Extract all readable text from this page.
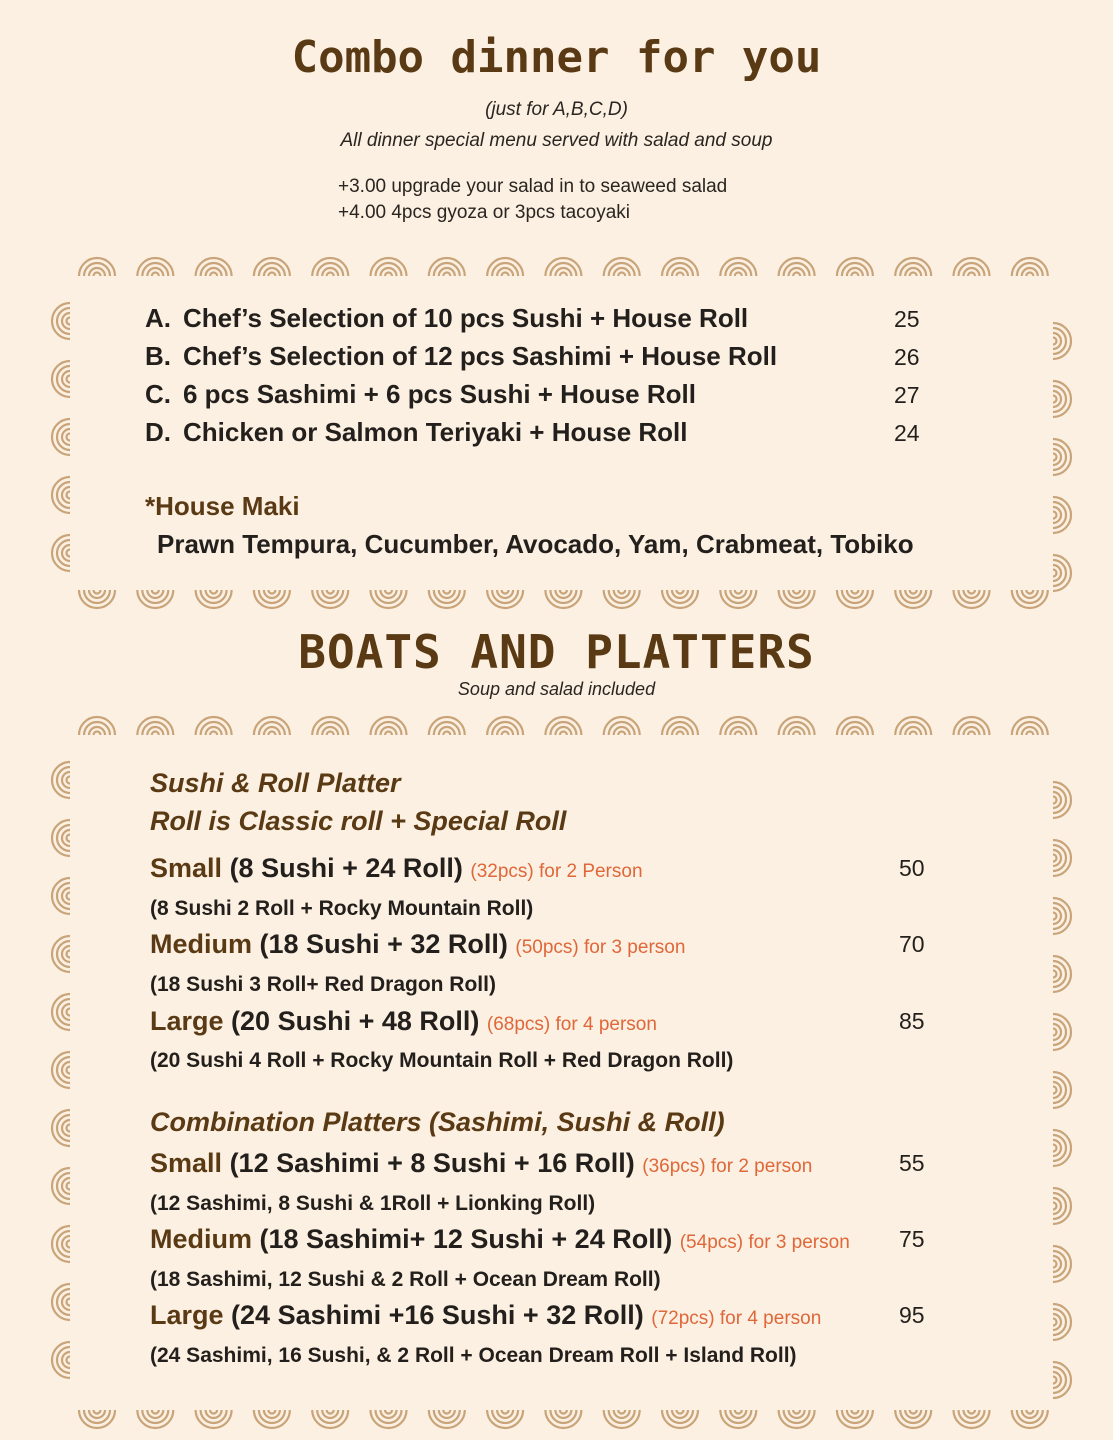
Combo dinner for you
(just for A,B,C,D)
All dinner special menu served with salad and soup
+3.00 upgrade your salad in to seaweed salad
+4.00 4pcs gyoza or 3pcs tacoyaki
A. Chef’s Selection of 10 pcs Sushi + House Roll	25
B. Chef’s Selection of 12 pcs Sashimi + House Roll	26
C. 6 pcs Sashimi + 6 pcs Sushi + House Roll	27
D. Chicken or Salmon Teriyaki + House Roll	24
*House Maki
Prawn Tempura, Cucumber, Avocado, Yam, Crabmeat, Tobiko
BOATS AND PLATTERS
Soup and salad included
Sushi & Roll Platter
Roll is Classic roll + Special Roll
Small (8 Sushi + 24 Roll) (32pcs) for 2 Person	50
(8 Sushi 2 Roll + Rocky Mountain Roll)
Medium (18 Sushi + 32 Roll) (50pcs) for 3 person	70
(18 Sushi 3 Roll+ Red Dragon Roll)
Large (20 Sushi + 48 Roll) (68pcs) for 4 person	85
(20 Sushi 4 Roll + Rocky Mountain Roll + Red Dragon Roll)
Combination Platters (Sashimi, Sushi & Roll)
Small (12 Sashimi + 8 Sushi + 16 Roll) (36pcs) for 2 person	55
(12 Sashimi, 8 Sushi & 1Roll + Lionking Roll)
Medium (18 Sashimi+ 12 Sushi + 24 Roll) (54pcs) for 3 person 75
(18 Sashimi, 12 Sushi & 2 Roll + Ocean Dream Roll)
Large (24 Sashimi +16 Sushi + 32 Roll) (72pcs) for 4 person	95
(24 Sashimi, 16 Sushi, & 2 Roll + Ocean Dream Roll + Island Roll)
